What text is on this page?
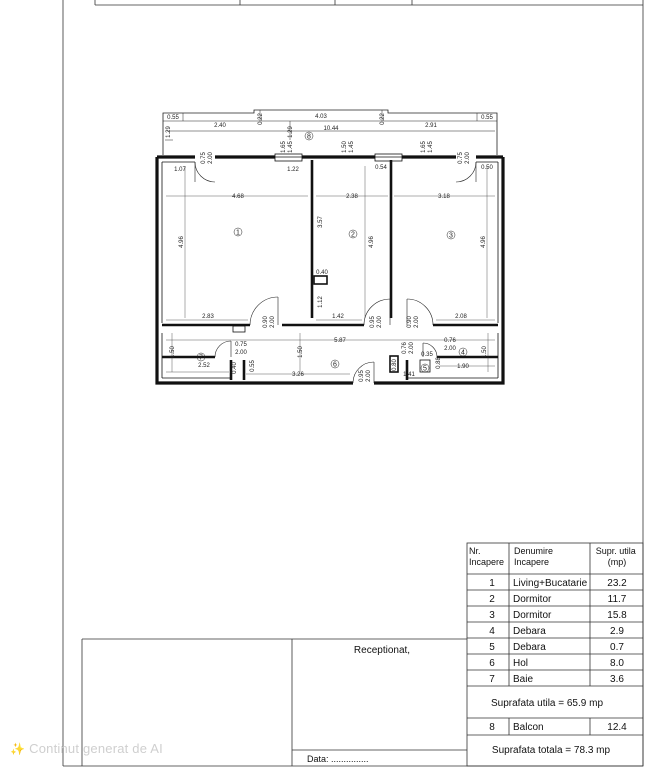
1	2	3
4
5
6
7
8
0.55
2.40
4.03
2.91
0.55
10.44
0.22	0.22
1.29	1.29
0.75 2.00
1.65 1.45	1.50 1.45	1.65 1.45
0.75 2.00
1.07	1.22	0.54	0.50
4.68	2.38	3.18
4.96
3.57
4.96	4.96
0.40
1.12
2.83	1.42	2.08
0.90 2.00	0.95 2.00	0.90 2.00
5.87
0.75
2.00
1.50	1.50
2.52	0.40 0.55
3.26	0.95 2.00
0.76
2.00	1.50
1.90
0.76 2.00
0.35
0.88
0.80
1.41
Receptionat,
Data: ...............
Nr. Incapere
Denumire Incapere
Supr. utila (mp)
1 Living+Bucatarie 23.2
2 Dormitor	11.7
3 Dormitor	15.8
4 Debara	2.9
5 Debara	0.7
6 Hol	8.0
7 Baie	3.6
Suprafata utila = 65.9 mp
8 Balcon	12.4
Suprafata totala = 78.3 mp
✨ Continut generat de AI
